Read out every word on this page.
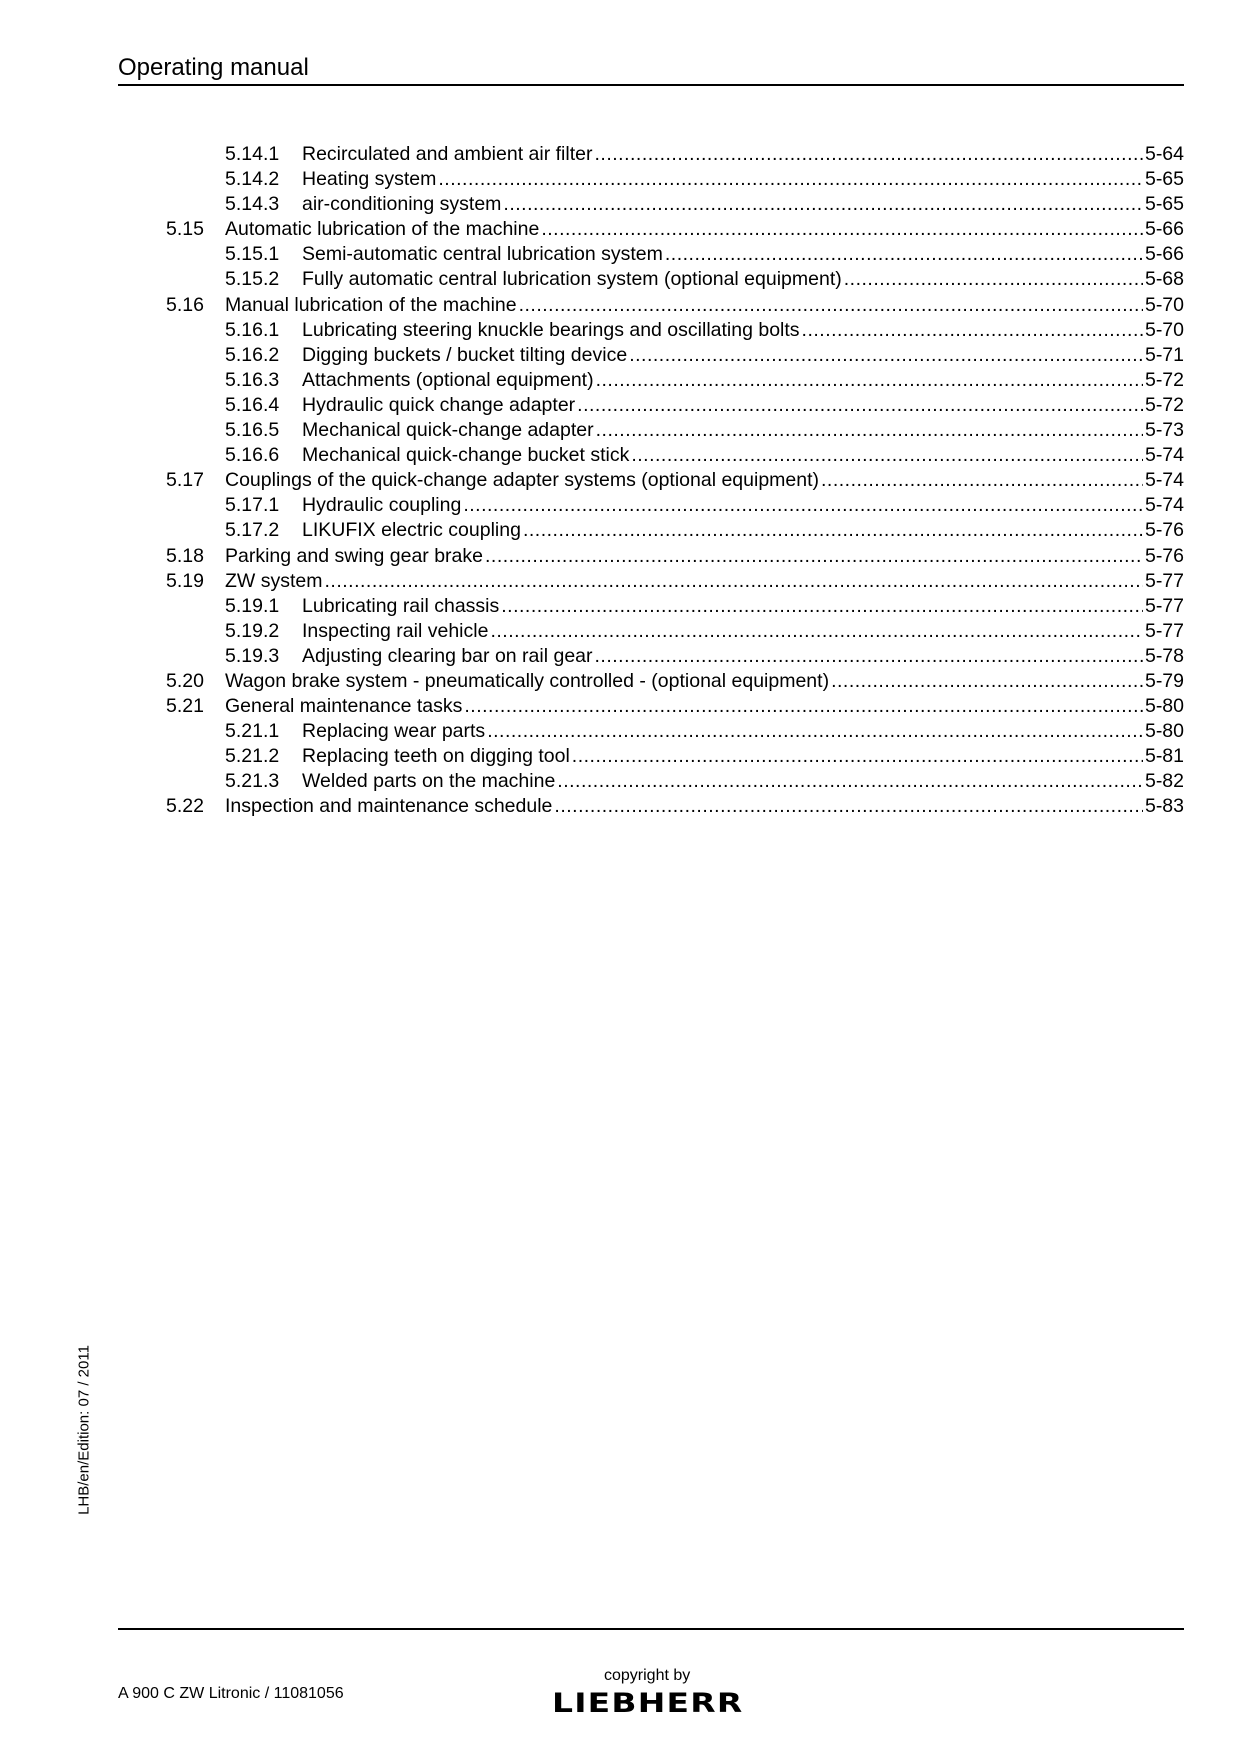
Operating manual
5.14.1 Recirculated and ambient air filter .....	5-64
5.14.2 Heating system .....	5-65
5.14.3 air-conditioning system .....	5-65
5.15 Automatic lubrication of the machine .....	5-66
5.15.1 Semi-automatic central lubrication system .....	5-66
5.15.2 Fully automatic central lubrication system (optional equipment) .....	5-68
5.16 Manual lubrication of the machine .....	5-70
5.16.1 Lubricating steering knuckle bearings and oscillating bolts .....	5-70
5.16.2 Digging buckets / bucket tilting device .....	5-71
5.16.3 Attachments (optional equipment) .....	5-72
5.16.4 Hydraulic quick change adapter .....	5-72
5.16.5 Mechanical quick-change adapter .....	5-73
5.16.6 Mechanical quick-change bucket stick .....	5-74
5.17 Couplings of the quick-change adapter systems (optional equipment) .....	5-74
5.17.1 Hydraulic coupling .....	5-74
5.17.2 LIKUFIX electric coupling .....	5-76
5.18 Parking and swing gear brake .....	5-76
5.19 ZW system .....	5-77
5.19.1 Lubricating rail chassis .....	5-77
5.19.2 Inspecting rail vehicle .....	5-77
5.19.3 Adjusting clearing bar on rail gear .....	5-78
5.20 Wagon brake system - pneumatically controlled - (optional equipment) .....	5-79
5.21 General maintenance tasks .....	5-80
5.21.1 Replacing wear parts .....	5-80
5.21.2 Replacing teeth on digging tool .....	5-81
5.21.3 Welded parts on the machine .....	5-82
5.22 Inspection and maintenance schedule .....	5-83
LHB/en/Edition: 07 / 2011
A 900 C ZW Litronic / 11081056
copyright by
LIEBHERR
